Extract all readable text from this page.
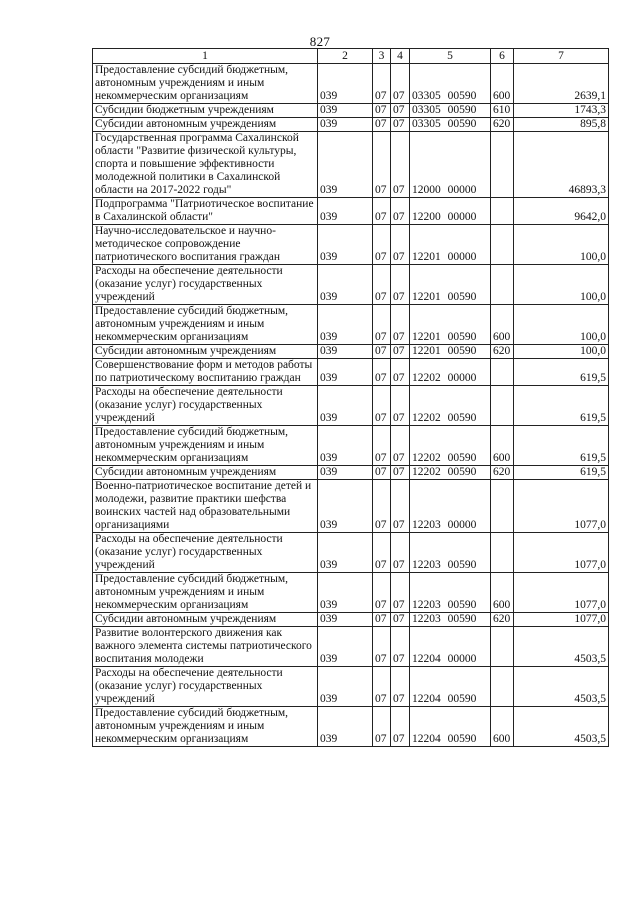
827
1	2	3	4	5	6	7
Предоставление субсидий бюджетным, автономным учреждениям и иным некоммерческим организациям	039	07	07	03305 00590	600	2639,1
Субсидии бюджетным учреждениям	039	07	07	03305 00590	610	1743,3
Субсидии автономным учреждениям	039	07	07	03305 00590	620	895,8
Государственная программа Сахалинской области "Развитие физической культуры, спорта и повышение эффективности молодежной политики в Сахалинской области на 2017-2022 годы"	039	07	07	12000 00000		46893,3
Подпрограмма "Патриотическое воспитание в Сахалинской области"	039	07	07	12200 00000		9642,0
Научно-исследовательское и научно-методическое сопровождение патриотического воспитания граждан	039	07	07	12201 00000		100,0
Расходы на обеспечение деятельности (оказание услуг) государственных учреждений	039	07	07	12201 00590		100,0
Предоставление субсидий бюджетным, автономным учреждениям и иным некоммерческим организациям	039	07	07	12201 00590	600	100,0
Субсидии автономным учреждениям	039	07	07	12201 00590	620	100,0
Совершенствование форм и методов работы по патриотическому воспитанию граждан	039	07	07	12202 00000		619,5
Расходы на обеспечение деятельности (оказание услуг) государственных учреждений	039	07	07	12202 00590		619,5
Предоставление субсидий бюджетным, автономным учреждениям и иным некоммерческим организациям	039	07	07	12202 00590	600	619,5
Субсидии автономным учреждениям	039	07	07	12202 00590	620	619,5
Военно-патриотическое воспитание детей и молодежи, развитие практики шефства воинских частей над образовательными организациями	039	07	07	12203 00000		1077,0
Расходы на обеспечение деятельности (оказание услуг) государственных учреждений	039	07	07	12203 00590		1077,0
Предоставление субсидий бюджетным, автономным учреждениям и иным некоммерческим организациям	039	07	07	12203 00590	600	1077,0
Субсидии автономным учреждениям	039	07	07	12203 00590	620	1077,0
Развитие волонтерского движения как важного элемента системы патриотического воспитания молодежи	039	07	07	12204 00000		4503,5
Расходы на обеспечение деятельности (оказание услуг) государственных учреждений	039	07	07	12204 00590		4503,5
Предоставление субсидий бюджетным, автономным учреждениям и иным некоммерческим организациям	039	07	07	12204 00590	600	4503,5
